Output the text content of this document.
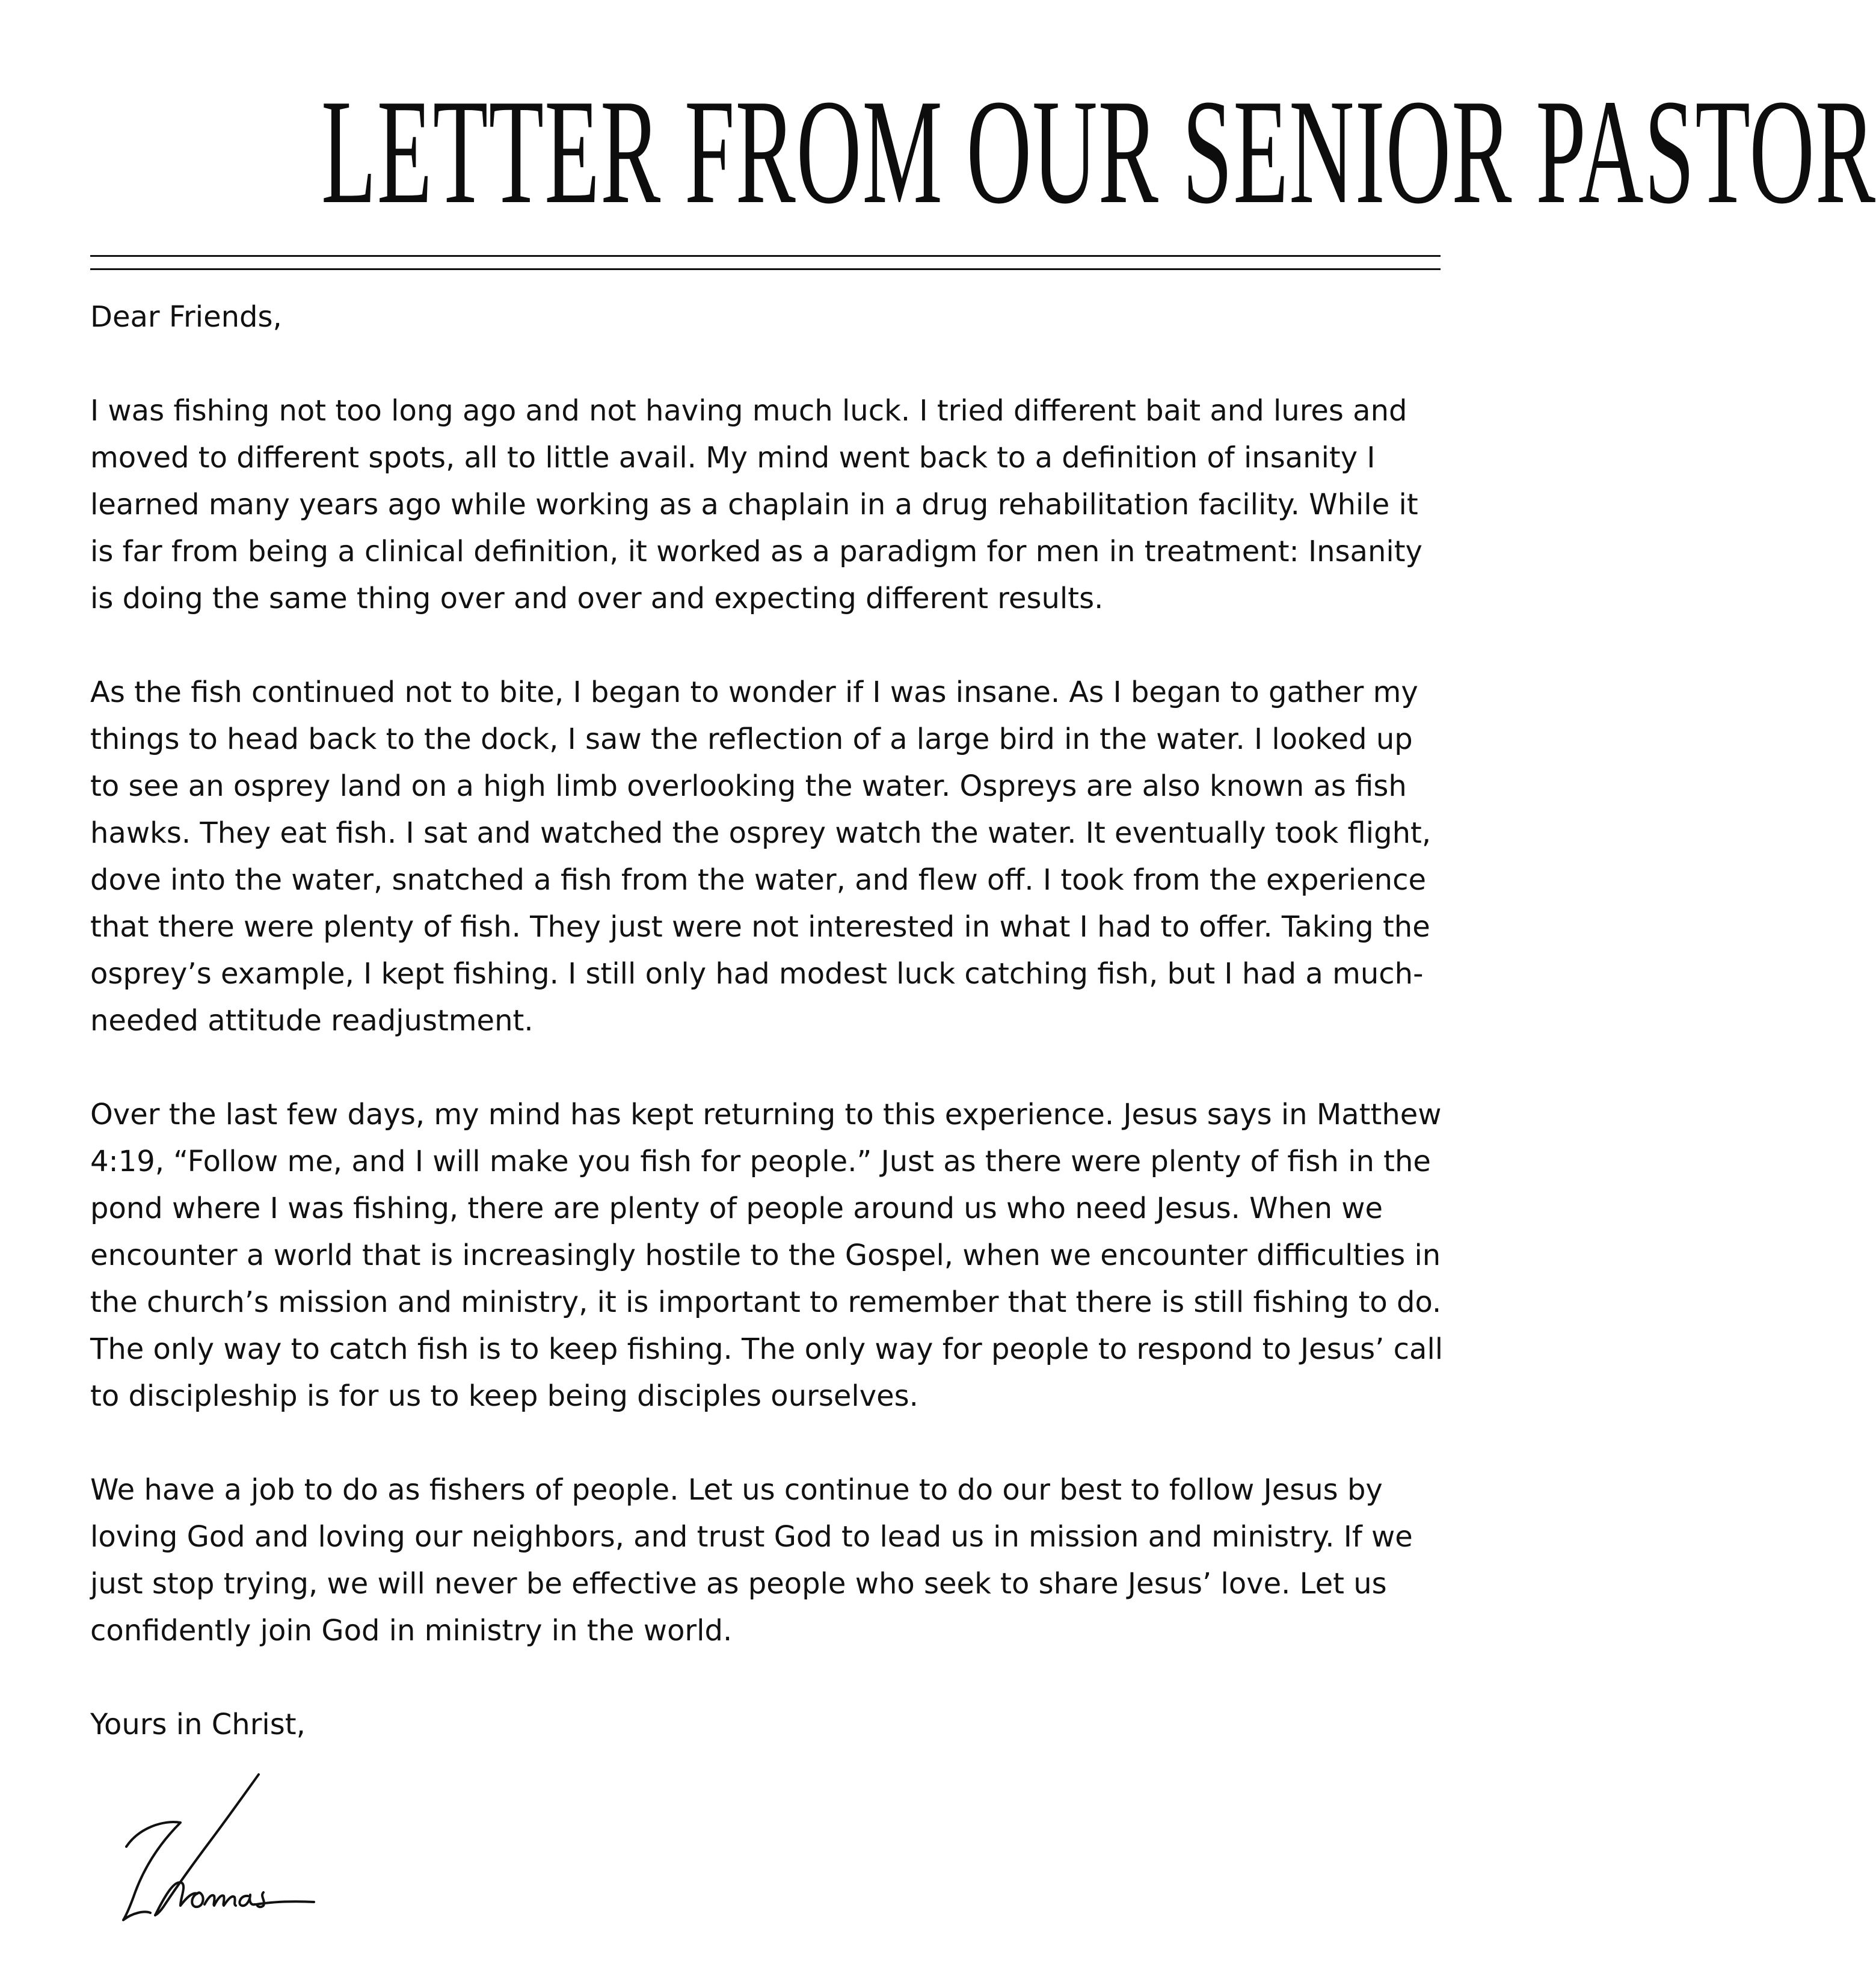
LETTER FROM OUR SENIOR PASTOR

Dear Friends,

I was fishing not too long ago and not having much luck. I tried different bait and lures and moved to different spots, all to little avail. My mind went back to a definition of insanity I learned many years ago while working as a chaplain in a drug rehabilitation facility. While it is far from being a clinical definition, it worked as a paradigm for men in treatment: Insanity is doing the same thing over and over and expecting different results.

As the fish continued not to bite, I began to wonder if I was insane. As I began to gather my things to head back to the dock, I saw the reflection of a large bird in the water. I looked up to see an osprey land on a high limb overlooking the water. Ospreys are also known as fish hawks. They eat fish. I sat and watched the osprey watch the water. It eventually took flight, dove into the water, snatched a fish from the water, and flew off. I took from the experience that there were plenty of fish. They just were not interested in what I had to offer. Taking the osprey’s example, I kept fishing. I still only had modest luck catching fish, but I had a much-needed attitude readjustment.

Over the last few days, my mind has kept returning to this experience. Jesus says in Matthew 4:19, “Follow me, and I will make you fish for people.” Just as there were plenty of fish in the pond where I was fishing, there are plenty of people around us who need Jesus. When we encounter a world that is increasingly hostile to the Gospel, when we encounter difficulties in the church’s mission and ministry, it is important to remember that there is still fishing to do. The only way to catch fish is to keep fishing. The only way for people to respond to Jesus’ call to discipleship is for us to keep being disciples ourselves.

We have a job to do as fishers of people. Let us continue to do our best to follow Jesus by loving God and loving our neighbors, and trust God to lead us in mission and ministry. If we just stop trying, we will never be effective as people who seek to share Jesus’ love. Let us confidently join God in ministry in the world.

Yours in Christ,
